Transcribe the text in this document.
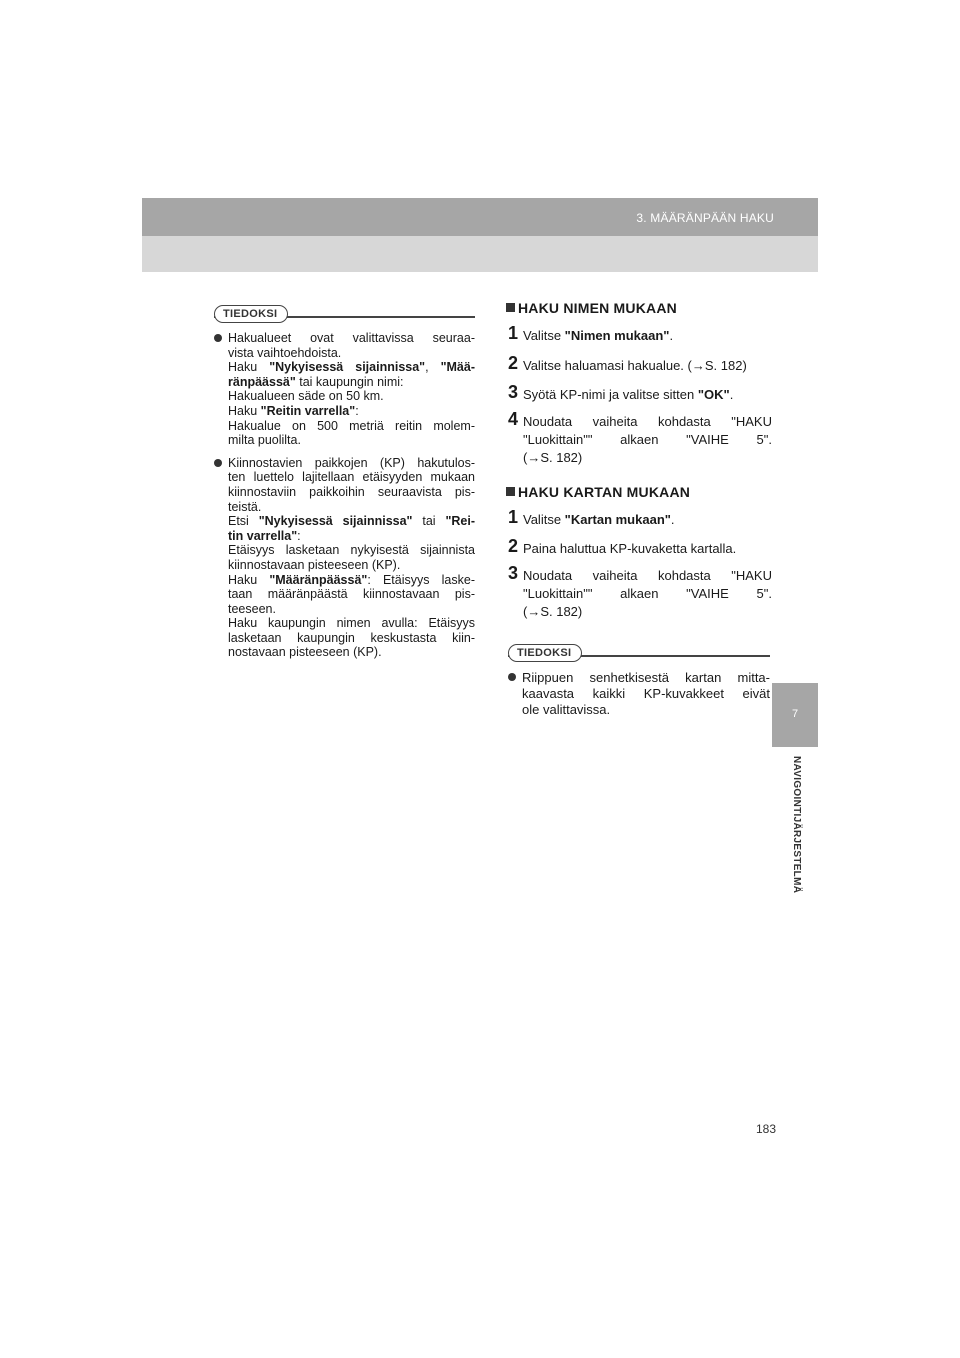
3. MÄÄRÄNPÄÄN HAKU
7
NAVIGOINTIJÄRJESTELMÄ
TIEDOKSI

Hakualueet ovat valittavissa seuraa-
vista vaihtoehdoista.
Haku "Nykyisessä sijainnissa", "Mää-
ränpäässä" tai kaupungin nimi:
Hakualueen säde on 50 km.
Haku "Reitin varrella":
Hakualue on 500 metriä reitin molem-
milta puolilta.

Kiinnostavien paikkojen (KP) hakutulos-
ten luettelo lajitellaan etäisyyden mukaan
kiinnostaviin paikkoihin seuraavista pis-
teistä.
Etsi "Nykyisessä sijainnissa" tai "Rei-
tin varrella":
Etäisyys lasketaan nykyisestä sijainnista
kiinnostavaan pisteeseen (KP).
Haku "Määränpäässä": Etäisyys laske-
taan määränpäästä kiinnostavaan pis-
teeseen.
Haku kaupungin nimen avulla: Etäisyys
lasketaan kaupungin keskustasta kiin-
nostavaan pisteeseen (KP).

HAKU NIMEN MUKAAN
1 Valitse "Nimen mukaan".
2 Valitse haluamasi hakualue. (→S. 182)
3 Syötä KP-nimi ja valitse sitten "OK".
4 Noudata vaiheita kohdasta "HAKU
"Luokittain"" alkaen "VAIHE 5".
(→S. 182)
HAKU KARTAN MUKAAN
1 Valitse "Kartan mukaan".
2 Paina haluttua KP-kuvaketta kartalla.
3 Noudata vaiheita kohdasta "HAKU
"Luokittain"" alkaen "VAIHE 5".
(→S. 182)
TIEDOKSI

Riippuen senhetkisestä kartan mitta-
kaavasta kaikki KP-kuvakkeet eivät
ole valittavissa.

183
